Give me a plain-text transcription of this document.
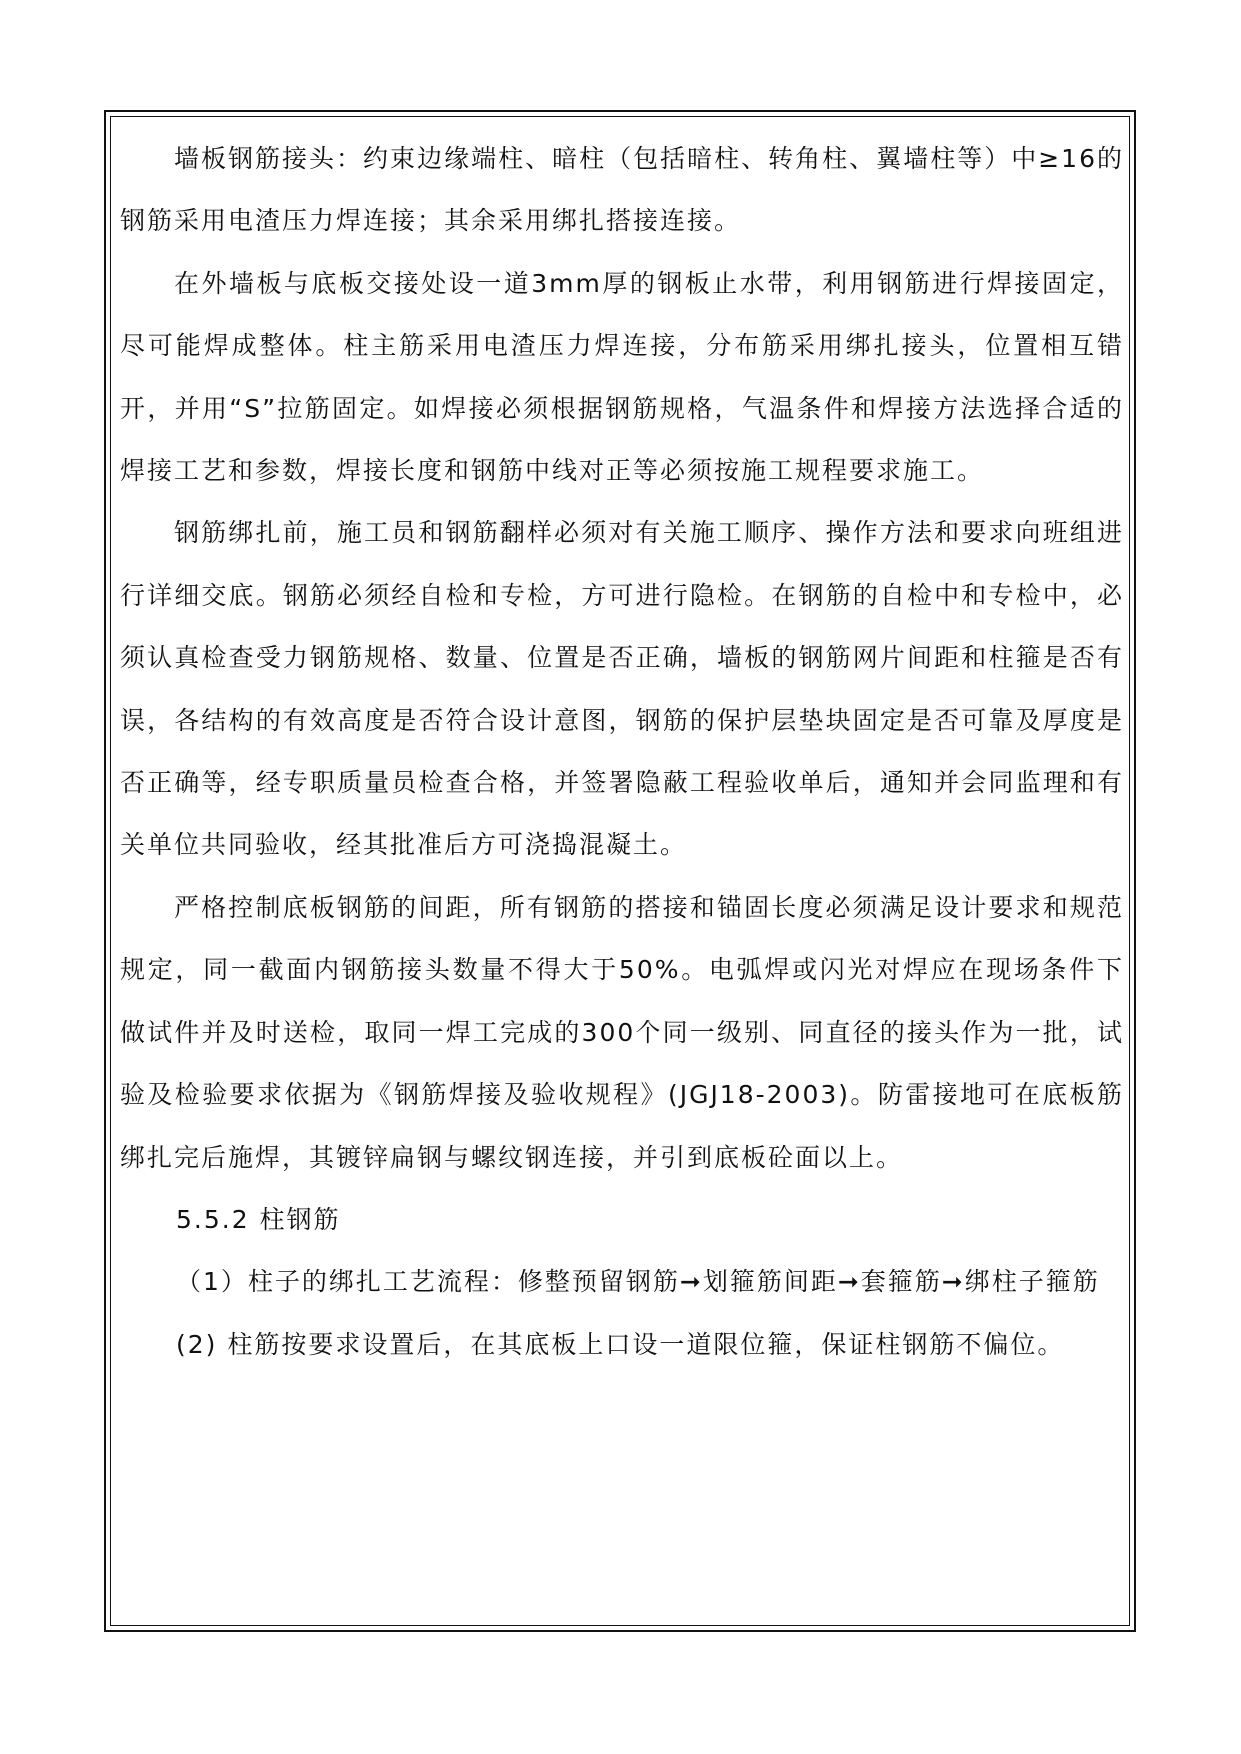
墙板钢筋接头：约束边缘端柱、暗柱（包括暗柱、转角柱、翼墙柱等）中≥16的钢筋采用电渣压力焊连接；其余采用绑扎搭接连接。

在外墙板与底板交接处设一道3mm厚的钢板止水带，利用钢筋进行焊接固定，尽可能焊成整体。柱主筋采用电渣压力焊连接，分布筋采用绑扎接头，位置相互错开，并用“S”拉筋固定。如焊接必须根据钢筋规格，气温条件和焊接方法选择合适的焊接工艺和参数，焊接长度和钢筋中线对正等必须按施工规程要求施工。

钢筋绑扎前，施工员和钢筋翻样必须对有关施工顺序、操作方法和要求向班组进行详细交底。钢筋必须经自检和专检，方可进行隐检。在钢筋的自检中和专检中，必须认真检查受力钢筋规格、数量、位置是否正确，墙板的钢筋网片间距和柱箍是否有误，各结构的有效高度是否符合设计意图，钢筋的保护层垫块固定是否可靠及厚度是否正确等，经专职质量员检查合格，并签署隐蔽工程验收单后，通知并会同监理和有关单位共同验收，经其批准后方可浇捣混凝土。

严格控制底板钢筋的间距，所有钢筋的搭接和锚固长度必须满足设计要求和规范规定，同一截面内钢筋接头数量不得大于50%。电弧焊或闪光对焊应在现场条件下做试件并及时送检，取同一焊工完成的300个同一级别、同直径的接头作为一批，试验及检验要求依据为《钢筋焊接及验收规程》(JGJ18-2003)。防雷接地可在底板筋绑扎完后施焊，其镀锌扁钢与螺纹钢连接，并引到底板砼面以上。

5.5.2 柱钢筋

（1）柱子的绑扎工艺流程：修整预留钢筋➞划箍筋间距➞套箍筋➞绑柱子箍筋

(2) 柱筋按要求设置后，在其底板上口设一道限位箍，保证柱钢筋不偏位。
